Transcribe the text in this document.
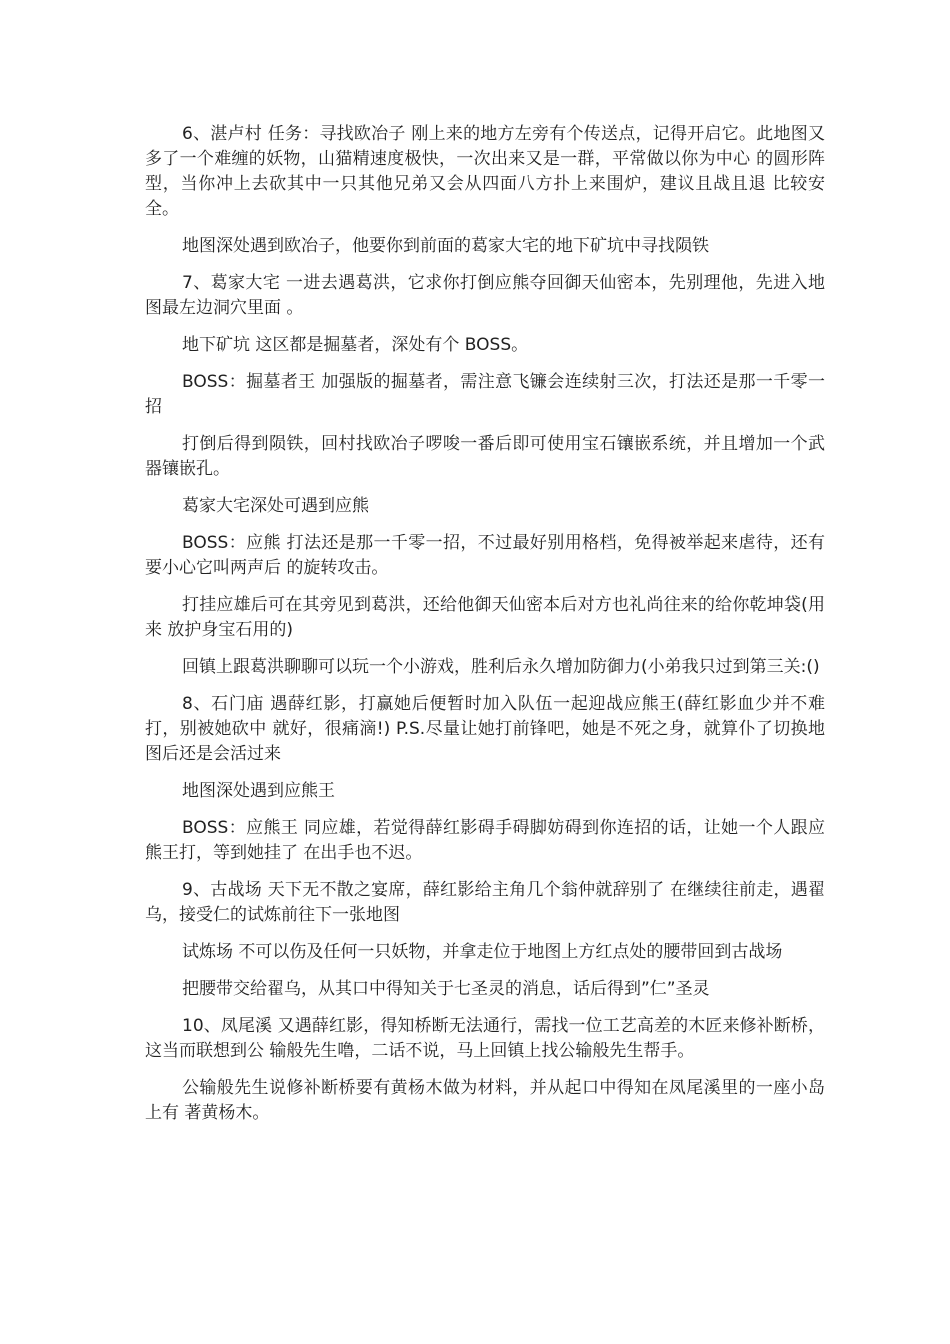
6、湛卢村 任务：寻找欧冶子 刚上来的地方左旁有个传送点，记得开启它。此地图又多了一个难缠的妖物，山猫精速度极快，一次出来又是一群，平常做以你为中心 的圆形阵型，当你冲上去砍其中一只其他兄弟又会从四面八方扑上来围炉，建议且战且退 比较安全。

地图深处遇到欧冶子，他要你到前面的葛家大宅的地下矿坑中寻找陨铁

7、葛家大宅 一进去遇葛洪，它求你打倒应熊夺回御天仙密本，先别理他，先进入地图最左边洞穴里面 。

地下矿坑 这区都是掘墓者，深处有个 BOSS。

BOSS：掘墓者王 加强版的掘墓者，需注意飞镰会连续射三次，打法还是那一千零一招

打倒后得到陨铁，回村找欧冶子啰唆一番后即可使用宝石镶嵌系统，并且增加一个武器镶嵌孔。

葛家大宅深处可遇到应熊

BOSS：应熊 打法还是那一千零一招，不过最好别用格档，免得被举起来虐待，还有要小心它叫两声后 的旋转攻击。

打挂应雄后可在其旁见到葛洪，还给他御天仙密本后对方也礼尚往来的给你乾坤袋(用来 放护身宝石用的)

回镇上跟葛洪聊聊可以玩一个小游戏，胜利后永久增加防御力(小弟我只过到第三关:()

8、石门庙 遇薛红影，打赢她后便暂时加入队伍一起迎战应熊王(薛红影血少并不难打，别被她砍中 就好，很痛滴!) P.S.尽量让她打前锋吧，她是不死之身，就算仆了切换地图后还是会活过来

地图深处遇到应熊王

BOSS：应熊王 同应雄，若觉得薛红影碍手碍脚妨碍到你连招的话，让她一个人跟应熊王打，等到她挂了 在出手也不迟。

9、古战场 天下无不散之宴席，薛红影给主角几个翁仲就辞别了 在继续往前走，遇翟乌，接受仁的试炼前往下一张地图

试炼场 不可以伤及任何一只妖物，并拿走位于地图上方红点处的腰带回到古战场

把腰带交给翟乌，从其口中得知关于七圣灵的消息，话后得到”仁”圣灵

10、凤尾溪 又遇薛红影，得知桥断无法通行，需找一位工艺高差的木匠来修补断桥，这当而联想到公 输般先生噜，二话不说，马上回镇上找公输般先生帮手。

公输般先生说修补断桥要有黄杨木做为材料，并从起口中得知在凤尾溪里的一座小岛上有 著黄杨木。
